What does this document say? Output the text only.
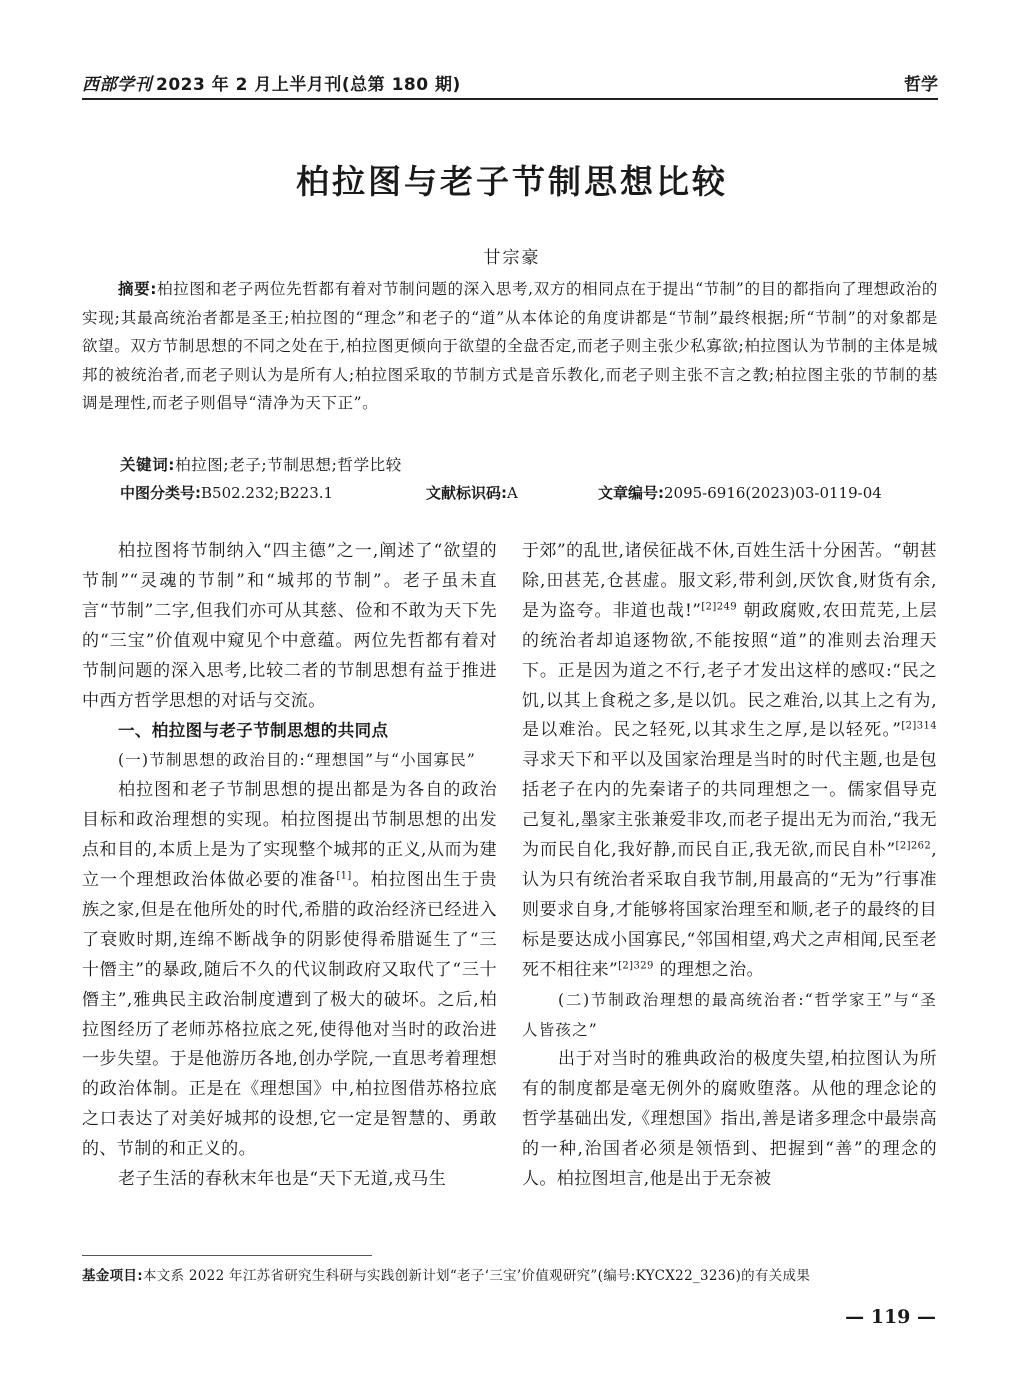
西部学刊 2023 年 2 月上半月刊(总第 180 期)	哲学
柏拉图与老子节制思想比较
甘宗豪
摘要:柏拉图和老子两位先哲都有着对节制问题的深入思考,双方的相同点在于提出“节制”的目的都指向了理想政治的实现;其最高统治者都是圣王;柏拉图的“理念”和老子的“道”从本体论的角度讲都是“节制”最终根据;所“节制”的对象都是欲望。双方节制思想的不同之处在于,柏拉图更倾向于欲望的全盘否定,而老子则主张少私寡欲;柏拉图认为节制的主体是城邦的被统治者,而老子则认为是所有人;柏拉图采取的节制方式是音乐教化,而老子则主张不言之教;柏拉图主张的节制的基调是理性,而老子则倡导“清净为天下正”。
关键词:柏拉图;老子;节制思想;哲学比较
中图分类号:B502.232;B223.1	文献标识码:A	文章编号:2095-6916(2023)03-0119-04

柏拉图将节制纳入“四主德”之一,阐述了“欲望的节制”“灵魂的节制”和“城邦的节制”。老子虽未直言“节制”二字,但我们亦可从其慈、俭和不敢为天下先的“三宝”价值观中窥见个中意蕴。两位先哲都有着对节制问题的深入思考,比较二者的节制思想有益于推进中西方哲学思想的对话与交流。

一、柏拉图与老子节制思想的共同点
(一)节制思想的政治目的:“理想国”与“小国寡民”

柏拉图和老子节制思想的提出都是为各自的政治目标和政治理想的实现。柏拉图提出节制思想的出发点和目的,本质上是为了实现整个城邦的正义,从而为建立一个理想政治体做必要的准备[1]。柏拉图出生于贵族之家,但是在他所处的时代,希腊的政治经济已经进入了衰败时期,连绵不断战争的阴影使得希腊诞生了“三十僭主”的暴政,随后不久的代议制政府又取代了“三十僭主”,雅典民主政治制度遭到了极大的破坏。之后,柏拉图经历了老师苏格拉底之死,使得他对当时的政治进一步失望。于是他游历各地,创办学院,一直思考着理想的政治体制。正是在《理想国》中,柏拉图借苏格拉底之口表达了对美好城邦的设想,它一定是智慧的、勇敢的、节制的和正义的。

老子生活的春秋末年也是“天下无道,戎马生

于郊”的乱世,诸侯征战不休,百姓生活十分困苦。“朝甚除,田甚芜,仓甚虚。服文彩,带利剑,厌饮食,财货有余,是为盗夸。非道也哉!”$^{[2]249}$ 朝政腐败,农田荒芜,上层的统治者却追逐物欲,不能按照“道”的准则去治理天下。正是因为道之不行,老子才发出这样的感叹:“民之饥,以其上食税之多,是以饥。民之难治,以其上之有为,是以难治。民之轻死,以其求生之厚,是以轻死。”$^{[2]314}$ 寻求天下和平以及国家治理是当时的时代主题,也是包括老子在内的先秦诸子的共同理想之一。儒家倡导克己复礼,墨家主张兼爱非攻,而老子提出无为而治,“我无为而民自化,我好静,而民自正,我无欲,而民自朴”$^{[2]262}$,认为只有统治者采取自我节制,用最高的“无为”行事准则要求自身,才能够将国家治理至和顺,老子的最终的目标是要达成小国寡民,“邻国相望,鸡犬之声相闻,民至老死不相往来”$^{[2]329}$ 的理想之治。

(二)节制政治理想的最高统治者:“哲学家王”与“圣人皆孩之”

出于对当时的雅典政治的极度失望,柏拉图认为所有的制度都是毫无例外的腐败堕落。从他的理念论的哲学基础出发,《理想国》指出,善是诸多理念中最崇高的一种,治国者必须是领悟到、把握到“善”的理念的人。柏拉图坦言,他是出于无奈被

基金项目:本文系 2022 年江苏省研究生科研与实践创新计划“老子‘三宝’价值观研究”(编号:KYCX22_3236)的有关成果
— 119 —
